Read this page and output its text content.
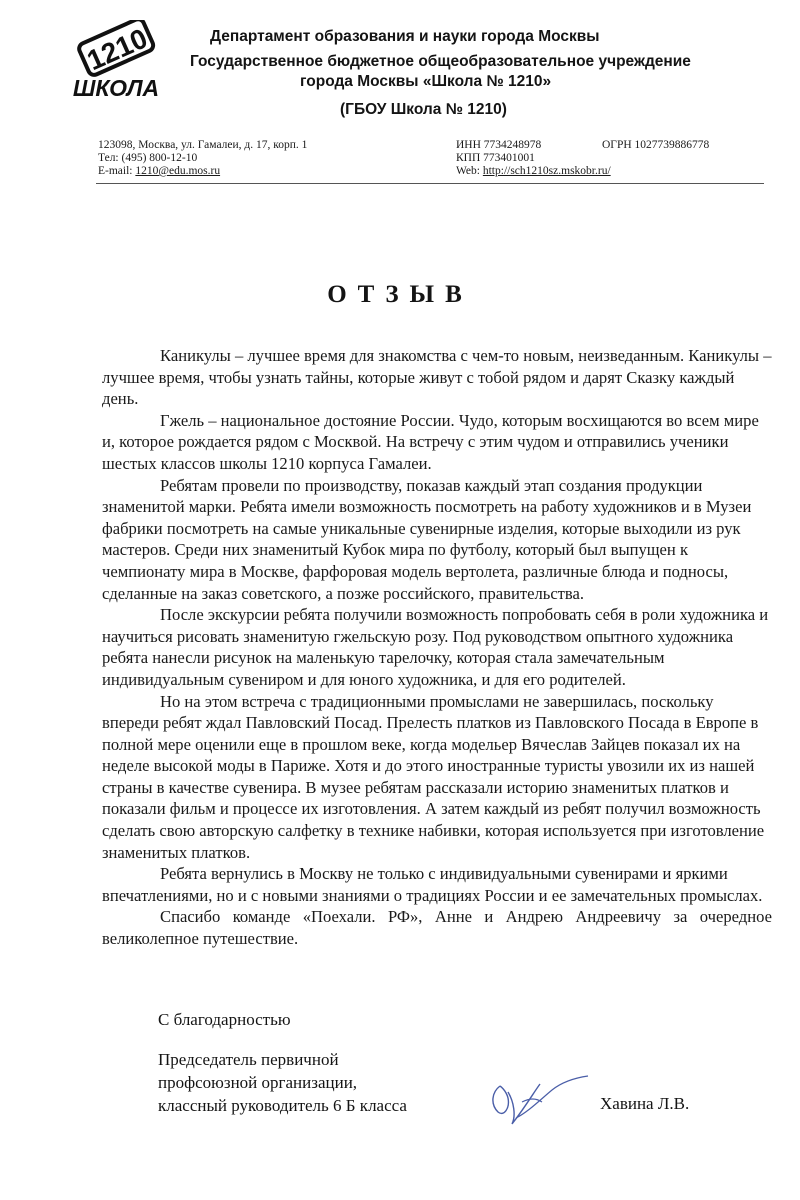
1210
ШКОЛА
Департамент образования и науки города Москвы
Государственное бюджетное общеобразовательное учреждение
города Москвы «Школа № 1210»
(ГБОУ Школа № 1210)
123098, Москва, ул. Гамалеи, д. 17, корп. 1
Тел: (495) 800-12-10
E-mail: 1210@edu.mos.ru
ИНН 7734248978
КПП 773401001
Web: http://sch1210sz.mskobr.ru/
ОГРН 1027739886778
ОТЗЫВ

Каникулы – лучшее время для знакомства с чем-то новым, неизведанным. Каникулы – лучшее время, чтобы узнать тайны, которые живут с тобой рядом и дарят Сказку каждый день.

Гжель – национальное достояние России. Чудо, которым восхищаются во всем мире и, которое рождается рядом с Москвой. На встречу с этим чудом и отправились ученики шестых классов школы 1210 корпуса Гамалеи.

Ребятам провели по производству, показав каждый этап создания продукции знаменитой марки. Ребята имели возможность посмотреть на работу художников и в Музеи фабрики посмотреть на самые уникальные сувенирные изделия, которые выходили из рук мастеров. Среди них знаменитый Кубок мира по футболу, который был выпущен к чемпионату мира в Москве, фарфоровая модель вертолета, различные блюда и подносы, сделанные на заказ советского, а позже российского, правительства.

После экскурсии ребята получили возможность попробовать себя в роли художника и научиться рисовать знаменитую гжельскую розу. Под руководством опытного художника ребята нанесли рисунок на маленькую тарелочку, которая стала замечательным индивидуальным сувениром и для юного художника, и для его родителей.

Но на этом встреча с традиционными промыслами не завершилась, поскольку впереди ребят ждал Павловский Посад. Прелесть платков из Павловского Посада в Европе в полной мере оценили еще в прошлом веке, когда модельер Вячеслав Зайцев показал их на неделе высокой моды в Париже. Хотя и до этого иностранные туристы увозили их из нашей страны в качестве сувенира. В музее ребятам рассказали историю знаменитых платков и показали фильм и процессе их изготовления. А затем каждый из ребят получил возможность сделать свою авторскую салфетку в технике набивки, которая используется при изготовление знаменитых платков.

Ребята вернулись в Москву не только с индивидуальными сувенирами и яркими впечатлениями, но и с новыми знаниями о традициях России и ее замечательных промыслах.

Спасибо команде «Поехали. РФ», Анне и Андрею Андреевичу за очередное великолепное путешествие.

С благодарностью
Председатель первичной
профсоюзной организации,
классный руководитель 6 Б класса	Хавина Л.В.
